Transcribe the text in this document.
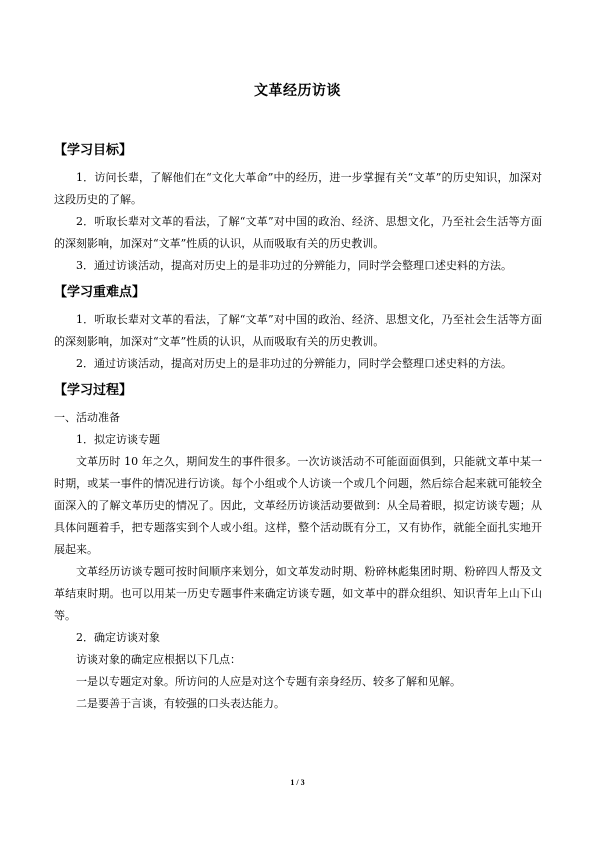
文革经历访谈
【学习目标】

1．访问长辈，了解他们在“文化大革命”中的经历，进一步掌握有关“文革”的历史知识，加深对这段历史的了解。

2．听取长辈对文革的看法，了解“文革”对中国的政治、经济、思想文化，乃至社会生活等方面的深刻影响，加深对“文革”性质的认识，从而吸取有关的历史教训。

3．通过访谈活动，提高对历史上的是非功过的分辨能力，同时学会整理口述史料的方法。

【学习重难点】

1．听取长辈对文革的看法，了解“文革”对中国的政治、经济、思想文化，乃至社会生活等方面的深刻影响，加深对“文革”性质的认识，从而吸取有关的历史教训。

2．通过访谈活动，提高对历史上的是非功过的分辨能力，同时学会整理口述史料的方法。

【学习过程】

一、活动准备

1．拟定访谈专题

文革历时 10 年之久，期间发生的事件很多。一次访谈活动不可能面面俱到，只能就文革中某一时期，或某一事件的情况进行访谈。每个小组或个人访谈一个或几个问题，然后综合起来就可能较全面深入的了解文革历史的情况了。因此，文革经历访谈活动要做到：从全局着眼，拟定访谈专题；从具体问题着手，把专题落实到个人或小组。这样，整个活动既有分工，又有协作，就能全面扎实地开展起来。

文革经历访谈专题可按时间顺序来划分，如文革发动时期、粉碎林彪集团时期、粉碎四人帮及文革结束时期。也可以用某一历史专题事件来确定访谈专题，如文革中的群众组织、知识青年上山下山等。

2．确定访谈对象

访谈对象的确定应根据以下几点：

一是以专题定对象。所访问的人应是对这个专题有亲身经历、较多了解和见解。

二是要善于言谈，有较强的口头表达能力。

1 / 3
